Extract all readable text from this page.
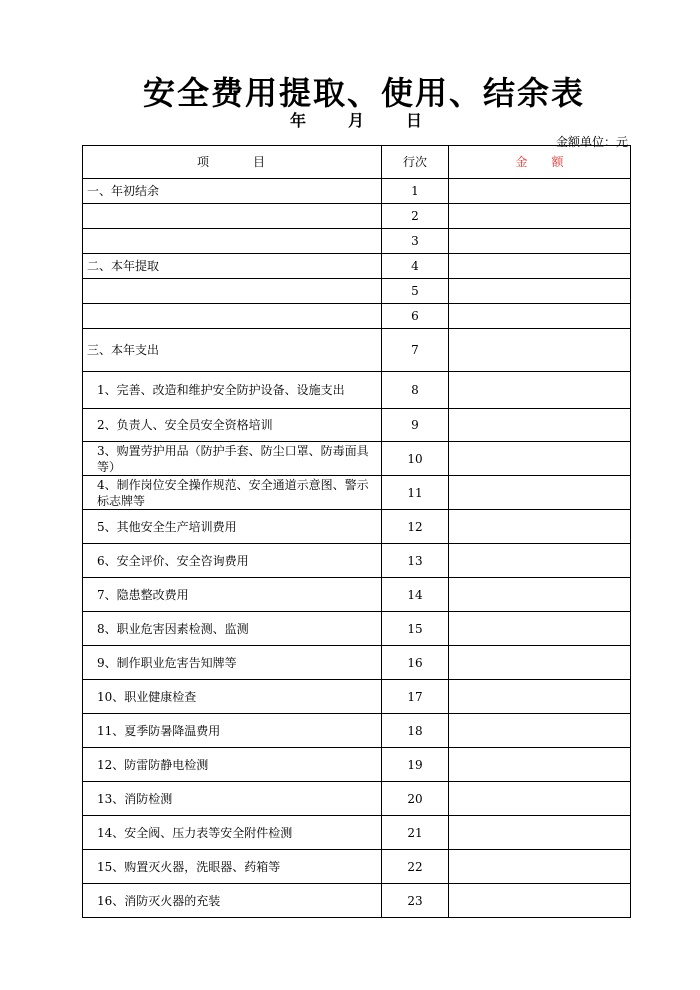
安全费用提取、使用、结余表
年	月	日
金额单位：元
项　　　目	行次	金　　额
一、年初结余	1	
	2	
	3	
二、本年提取	4	
	5	
	6	
三、本年支出	7	
1、完善、改造和维护安全防护设备、设施支出	8	
2、负责人、安全员安全资格培训	9	
3、购置劳护用品（防护手套、防尘口罩、防毒面具等）	10	
4、制作岗位安全操作规范、安全通道示意图、警示标志牌等	11	
5、其他安全生产培训费用	12	
6、安全评价、安全咨询费用	13	
7、隐患整改费用	14	
8、职业危害因素检测、监测	15	
9、制作职业危害告知牌等	16	
10、职业健康检查	17	
11、夏季防暑降温费用	18	
12、防雷防静电检测	19	
13、消防检测	20	
14、安全阀、压力表等安全附件检测	21	
15、购置灭火器，洗眼器、药箱等	22	
16、消防灭火器的充装	23	
